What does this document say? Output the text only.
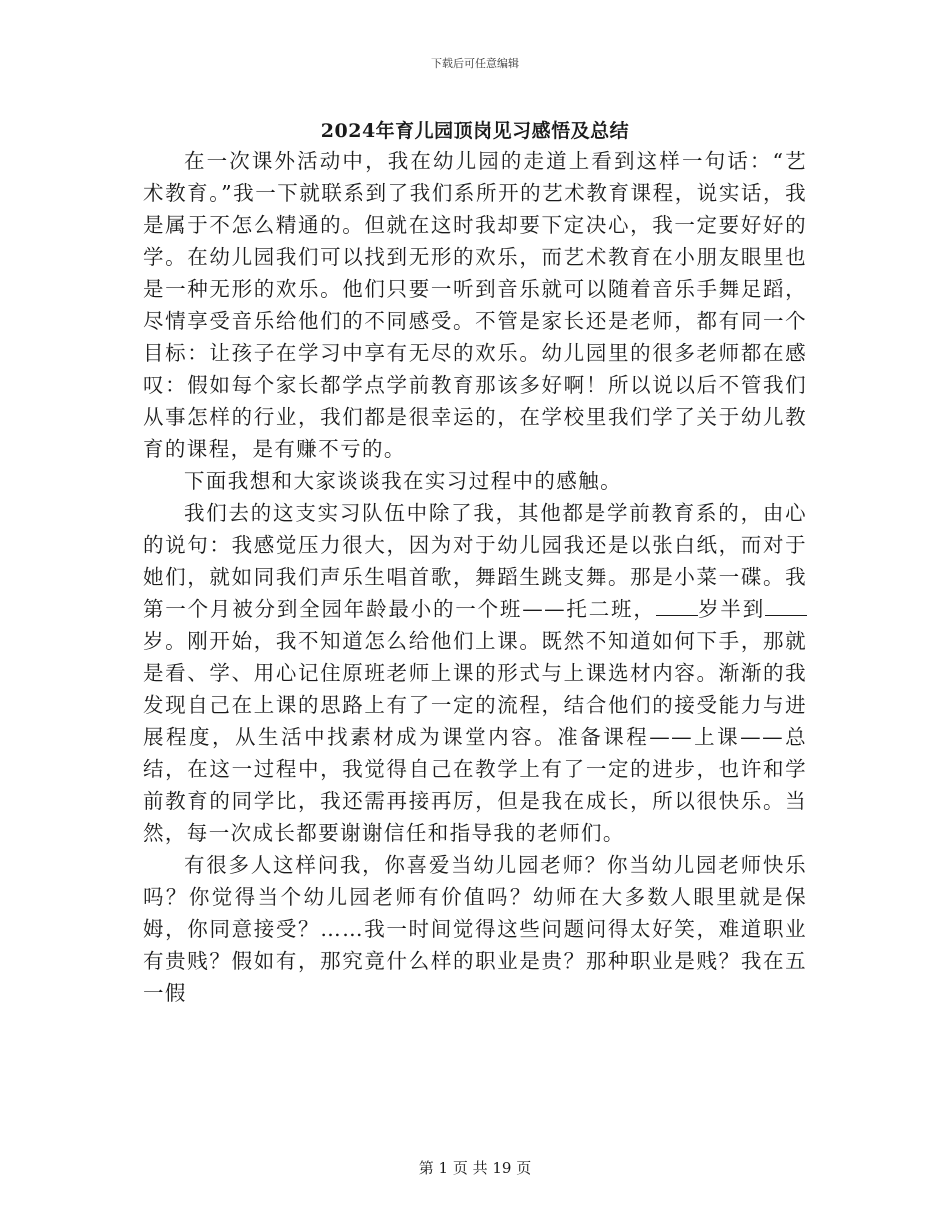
下载后可任意编辑
2024年育儿园顶岗见习感悟及总结

在一次课外活动中，我在幼儿园的走道上看到这样一句话：“艺术教育。”我一下就联系到了我们系所开的艺术教育课程，说实话，我是属于不怎么精通的。但就在这时我却要下定决心，我一定要好好的学。在幼儿园我们可以找到无形的欢乐，而艺术教育在小朋友眼里也是一种无形的欢乐。他们只要一听到音乐就可以随着音乐手舞足蹈，尽情享受音乐给他们的不同感受。不管是家长还是老师，都有同一个目标：让孩子在学习中享有无尽的欢乐。幼儿园里的很多老师都在感叹：假如每个家长都学点学前教育那该多好啊！所以说以后不管我们从事怎样的行业，我们都是很幸运的，在学校里我们学了关于幼儿教育的课程，是有赚不亏的。

下面我想和大家谈谈我在实习过程中的感触。

我们去的这支实习队伍中除了我，其他都是学前教育系的，由心的说句：我感觉压力很大，因为对于幼儿园我还是以张白纸，而对于她们，就如同我们声乐生唱首歌，舞蹈生跳支舞。那是小菜一碟。我第一个月被分到全园年龄最小的一个班——托二班， 岁半到岁。刚开始，我不知道怎么给他们上课。既然不知道如何下手，那就是看、学、用心记住原班老师上课的形式与上课选材内容。渐渐的我发现自己在上课的思路上有了一定的流程，结合他们的接受能力与进展程度，从生活中找素材成为课堂内容。准备课程——上课——总结，在这一过程中，我觉得自己在教学上有了一定的进步，也许和学前教育的同学比，我还需再接再厉，但是我在成长，所以很快乐。当然，每一次成长都要谢谢信任和指导我的老师们。

有很多人这样问我，你喜爱当幼儿园老师？你当幼儿园老师快乐吗？你觉得当个幼儿园老师有价值吗？幼师在大多数人眼里就是保姆，你同意接受？……我一时间觉得这些问题问得太好笑，难道职业有贵贱？假如有，那究竟什么样的职业是贵？那种职业是贱？我在五一假

第 1 页 共 19 页
